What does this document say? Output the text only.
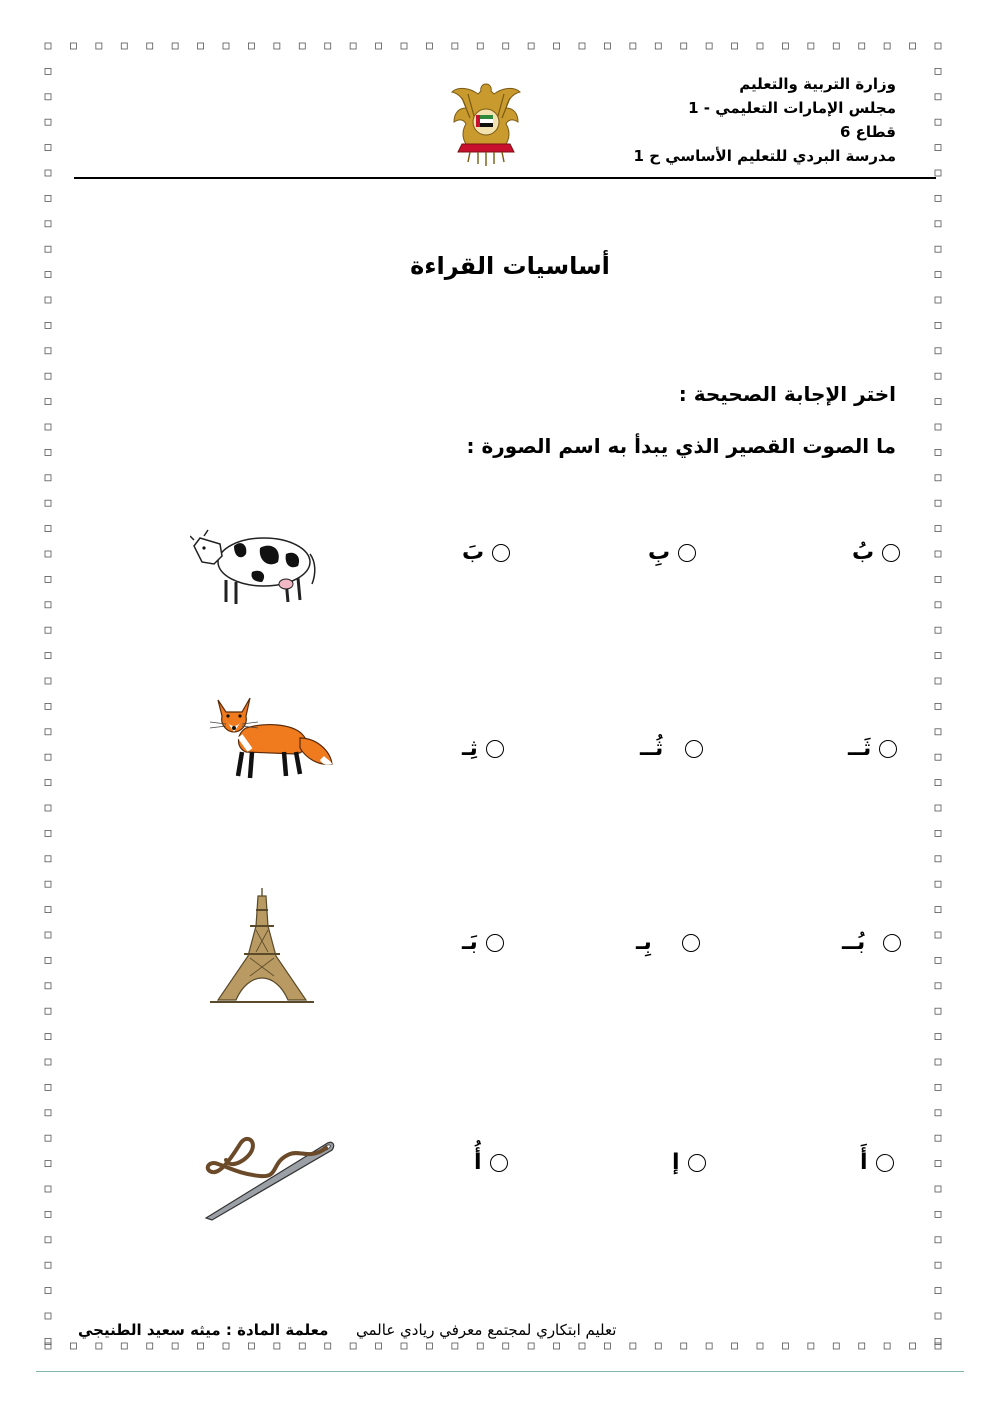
وزارة التربية والتعليم
مجلس الإمارات التعليمي - 1
قطاع 6
مدرسة البردي للتعليم الأساسي ح 1
أساسيات القراءة
اختر الإجابة الصحيحة :
ما الصوت القصير الذي يبدأ به اسم الصورة :
بَ	بِ	بُ
ثِـ	ثُــ	ثَــ
بَـ	بِـ	بُــ
أُ	إ	أَ
تعليم ابتكاري لمجتمع معرفي ريادي عالمي
معلمة المادة : ميثه سعيد الطنيجي
